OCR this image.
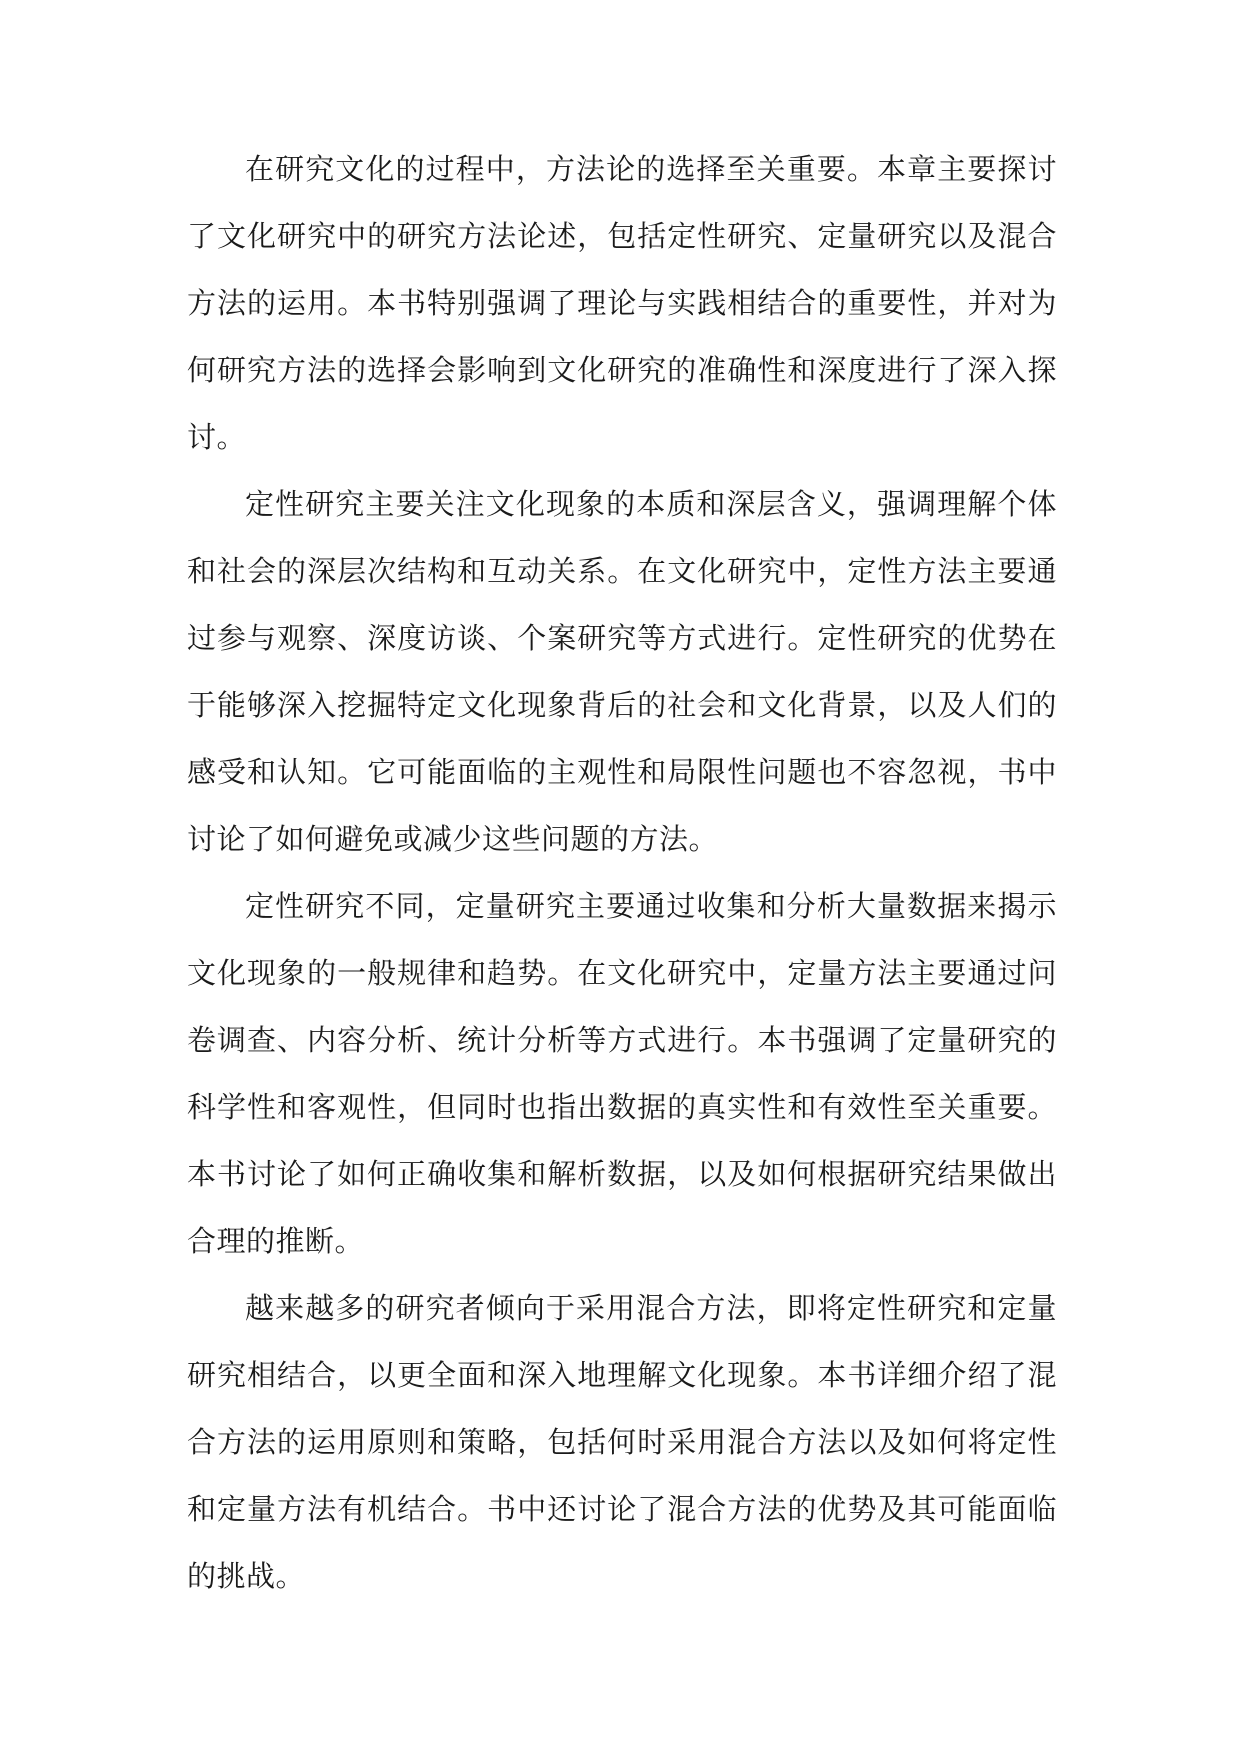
在研究文化的过程中，方法论的选择至关重要。本章主要探讨了文化研究中的研究方法论述，包括定性研究、定量研究以及混合方法的运用。本书特别强调了理论与实践相结合的重要性，并对为何研究方法的选择会影响到文化研究的准确性和深度进行了深入探讨。

定性研究主要关注文化现象的本质和深层含义，强调理解个体和社会的深层次结构和互动关系。在文化研究中，定性方法主要通过参与观察、深度访谈、个案研究等方式进行。定性研究的优势在于能够深入挖掘特定文化现象背后的社会和文化背景，以及人们的感受和认知。它可能面临的主观性和局限性问题也不容忽视，书中讨论了如何避免或减少这些问题的方法。

定性研究不同，定量研究主要通过收集和分析大量数据来揭示文化现象的一般规律和趋势。在文化研究中，定量方法主要通过问卷调查、内容分析、统计分析等方式进行。本书强调了定量研究的科学性和客观性，但同时也指出数据的真实性和有效性至关重要。本书讨论了如何正确收集和解析数据，以及如何根据研究结果做出合理的推断。

越来越多的研究者倾向于采用混合方法，即将定性研究和定量研究相结合，以更全面和深入地理解文化现象。本书详细介绍了混合方法的运用原则和策略，包括何时采用混合方法以及如何将定性和定量方法有机结合。书中还讨论了混合方法的优势及其可能面临的挑战。
